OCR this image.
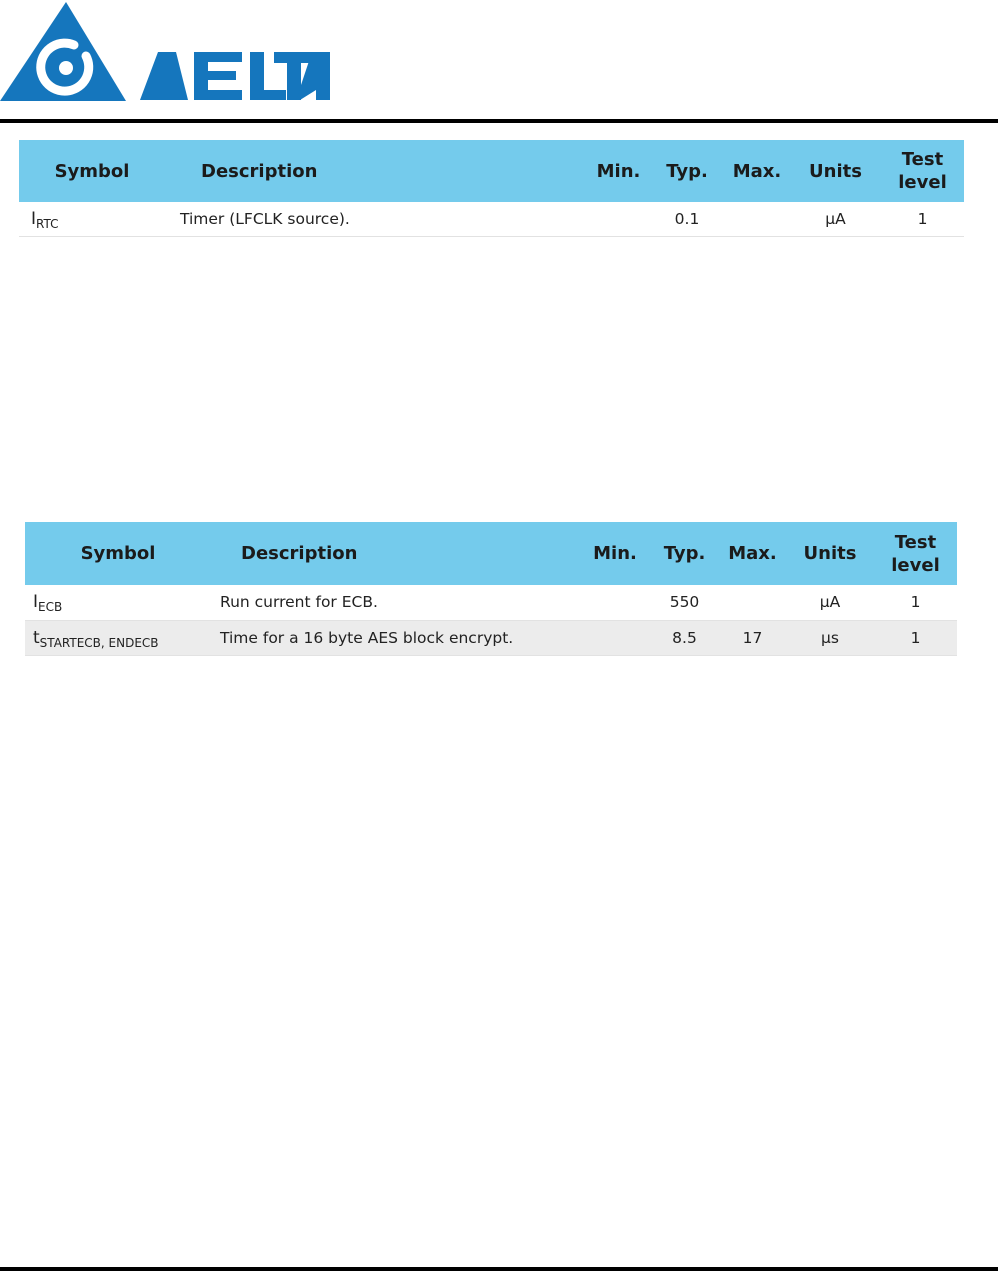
Symbol	Description	Min.	Typ.	Max.	Units	Test
level
$I_{RTC}$	Timer (LFCLK source).		0.1		µA	1
Symbol	Description	Min.	Typ.	Max.	Units	Test
level
$I_{ECB}$	Run current for ECB.		550		µA	1
$t_{STARTECB, ENDECB}$	Time for a 16 byte AES block encrypt.		8.5	17	µs	1
